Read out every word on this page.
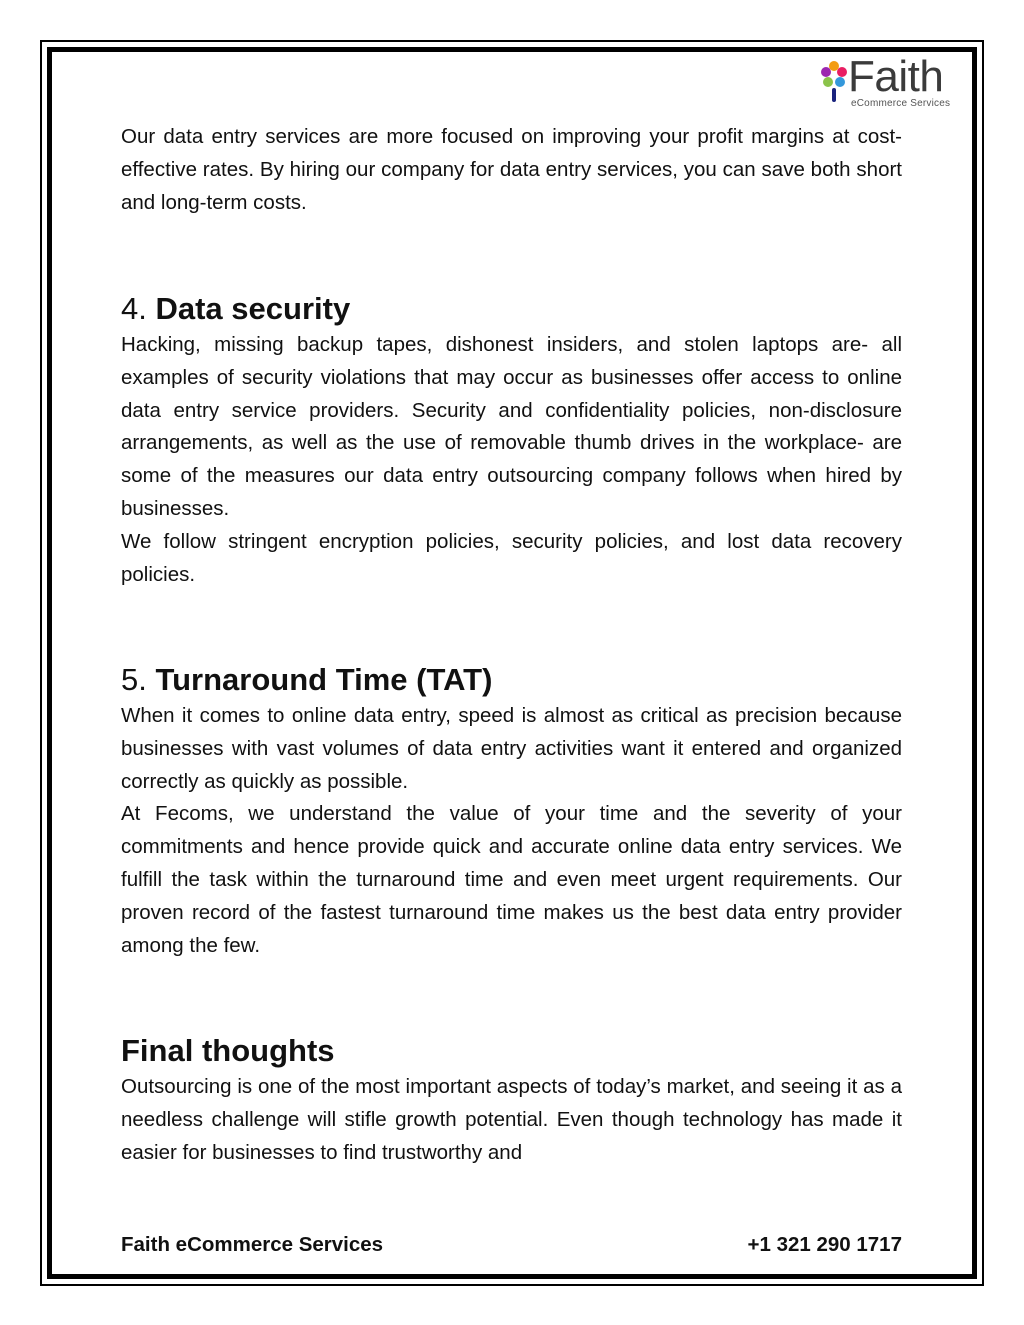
Faith
eCommerce Services

Our data entry services are more focused on improving your profit margins at cost-effective rates. By hiring our company for data entry services, you can save both short and long-term costs.

4. Data security

Hacking, missing backup tapes, dishonest insiders, and stolen laptops are- all examples of security violations that may occur as businesses offer access to online data entry service providers. Security and confidentiality policies, non-disclosure arrangements, as well as the use of removable thumb drives in the workplace- are some of the measures our data entry outsourcing company follows when hired by businesses.

We follow stringent encryption policies, security policies, and lost data recovery policies.

5. Turnaround Time (TAT)

When it comes to online data entry, speed is almost as critical as precision because businesses with vast volumes of data entry activities want it entered and organized correctly as quickly as possible.

At Fecoms, we understand the value of your time and the severity of your commitments and hence provide quick and accurate online data entry services. We fulfill the task within the turnaround time and even meet urgent requirements. Our proven record of the fastest turnaround time makes us the best data entry provider among the few.

Final thoughts

Outsourcing is one of the most important aspects of today’s market, and seeing it as a needless challenge will stifle growth potential. Even though technology has made it easier for businesses to find trustworthy and

Faith eCommerce Services	+1 321 290 1717
